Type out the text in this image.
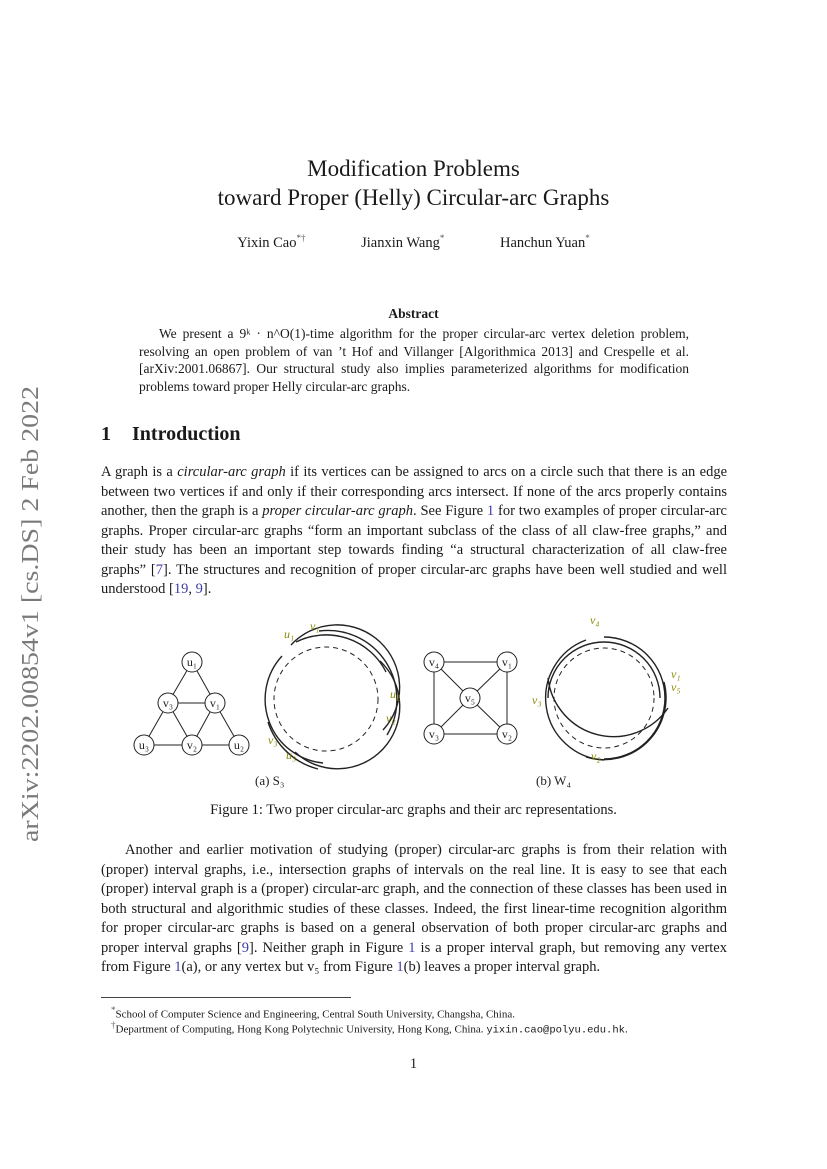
arXiv:2202.00854v1 [cs.DS] 2 Feb 2022
Modification Problems
toward Proper (Helly) Circular-arc Graphs
Yixin Cao*†	Jianxin Wang*	Hanchun Yuan*
Abstract
We present a 9ᵏ · n^O(1)-time algorithm for the proper circular-arc vertex deletion problem, resolving an open problem of van ’t Hof and Villanger [Algorithmica 2013] and Crespelle et al. [arXiv:2001.06867]. Our structural study also implies parameterized algorithms for modification problems toward proper Helly circular-arc graphs.
1 Introduction
A graph is a circular-arc graph if its vertices can be assigned to arcs on a circle such that there is an edge between two vertices if and only if their corresponding arcs intersect. If none of the arcs properly contains another, then the graph is a proper circular-arc graph. See Figure 1 for two examples of proper circular-arc graphs. Proper circular-arc graphs “form an important subclass of the class of all claw-free graphs,” and their study has been an important step towards finding “a structural characterization of all claw-free graphs” [7]. The structures and recognition of proper circular-arc graphs have been well studied and well understood [19, 9].
u₁
v₃	v₁
u₃	v₂	u₂
u₁
v₁
u₂
v₂
v₃
u₃
v₄	v₁
v₅
v₃	v₂
v₄
v₁
v₅
v₃
v₂
(a) S₃	(b) W₄
Figure 1: Two proper circular-arc graphs and their arc representations.
Another and earlier motivation of studying (proper) circular-arc graphs is from their relation with (proper) interval graphs, i.e., intersection graphs of intervals on the real line. It is easy to see that each (proper) interval graph is a (proper) circular-arc graph, and the connection of these classes has been used in both structural and algorithmic studies of these classes. Indeed, the first linear-time recognition algorithm for proper circular-arc graphs is based on a general observation of both proper circular-arc graphs and proper interval graphs [9]. Neither graph in Figure 1 is a proper interval graph, but removing any vertex from Figure 1(a), or any vertex but v₅ from Figure 1(b) leaves a proper interval graph.
*School of Computer Science and Engineering, Central South University, Changsha, China.
†Department of Computing, Hong Kong Polytechnic University, Hong Kong, China. yixin.cao@polyu.edu.hk.
1
